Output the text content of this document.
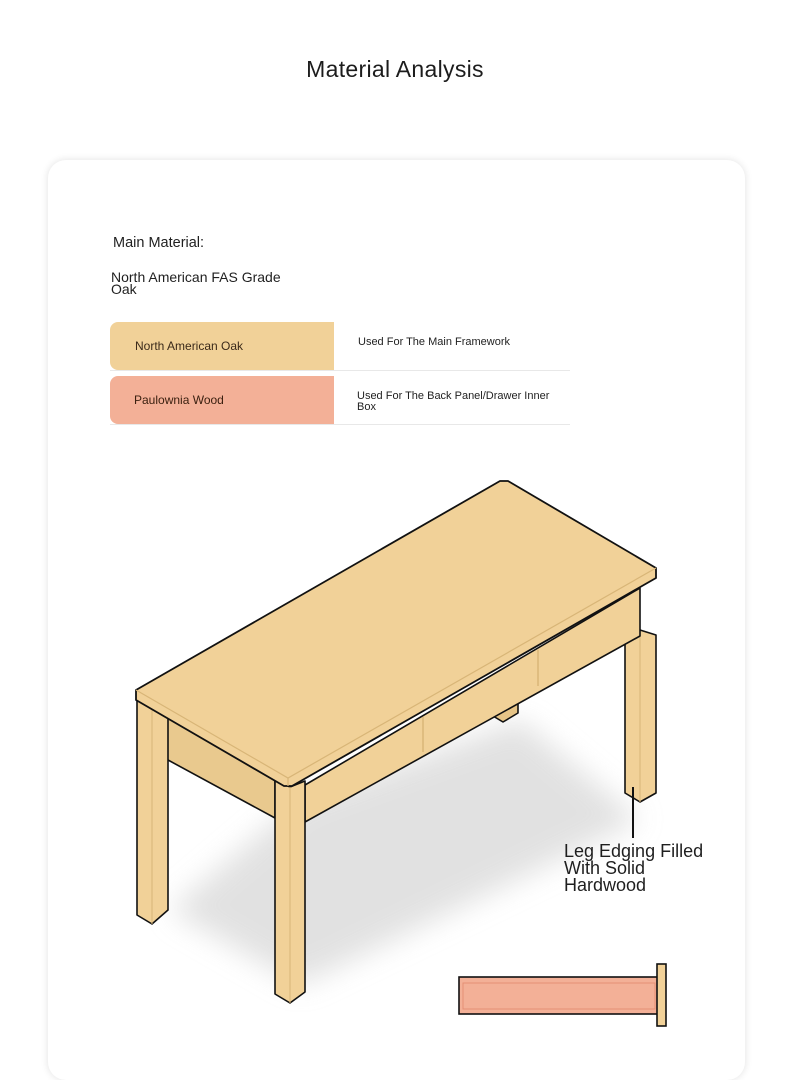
Material Analysis
Main Material:
North American FAS Grade Oak
North American Oak	Used For The Main Framework
Paulownia Wood	Used For The Back Panel/Drawer Inner Box
Leg Edging Filled With Solid Hardwood
